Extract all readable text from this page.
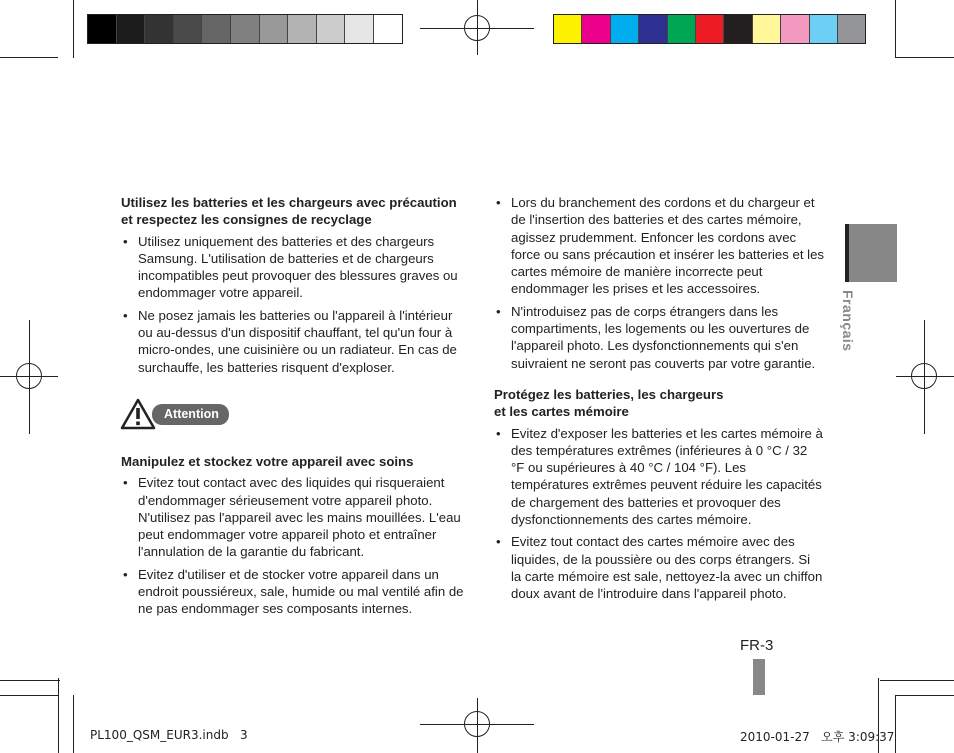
Français
Utilisez les batteries et les chargeurs avec précaution
et respectez les consignes de recyclage
• Utilisez uniquement des batteries et des chargeurs Samsung. L'utilisation de batteries et de chargeurs incompatibles peut provoquer des blessures graves ou endommager votre appareil.
• Ne posez jamais les batteries ou l'appareil à l'intérieur ou au-dessus d'un dispositif chauffant, tel qu'un four à micro-ondes, une cuisinière ou un radiateur. En cas de surchauffe, les batteries risquent d'exploser.
Attention
Manipulez et stockez votre appareil avec soins
• Evitez tout contact avec des liquides qui risqueraient d'endommager sérieusement votre appareil photo. N'utilisez pas l'appareil avec les mains mouillées. L'eau peut endommager votre appareil photo et entraîner l'annulation de la garantie du fabricant.
• Evitez d'utiliser et de stocker votre appareil dans un endroit poussiéreux, sale, humide ou mal ventilé afin de ne pas endommager ses composants internes.
• Lors du branchement des cordons et du chargeur et de l'insertion des batteries et des cartes mémoire, agissez prudemment. Enfoncer les cordons avec force ou sans précaution et insérer les batteries et les cartes mémoire de manière incorrecte peut endommager les prises et les accessoires.
• N'introduisez pas de corps étrangers dans les compartiments, les logements ou les ouvertures de l'appareil photo. Les dysfonctionnements qui s'en suivraient ne seront pas couverts par votre garantie.
Protégez les batteries, les chargeurs
et les cartes mémoire
• Evitez d'exposer les batteries et les cartes mémoire à des températures extrêmes (inférieures à 0 °C / 32 °F ou supérieures à 40 °C / 104 °F). Les températures extrêmes peuvent réduire les capacités de chargement des batteries et provoquer des dysfonctionnements des cartes mémoire.
• Evitez tout contact des cartes mémoire avec des liquides, de la poussière ou des corps étrangers. Si la carte mémoire est sale, nettoyez-la avec un chiffon doux avant de l'introduire dans l'appareil photo.
FR-3
PL100_QSM_EUR3.indb   3	2010-01-27   오후 3:09:37
